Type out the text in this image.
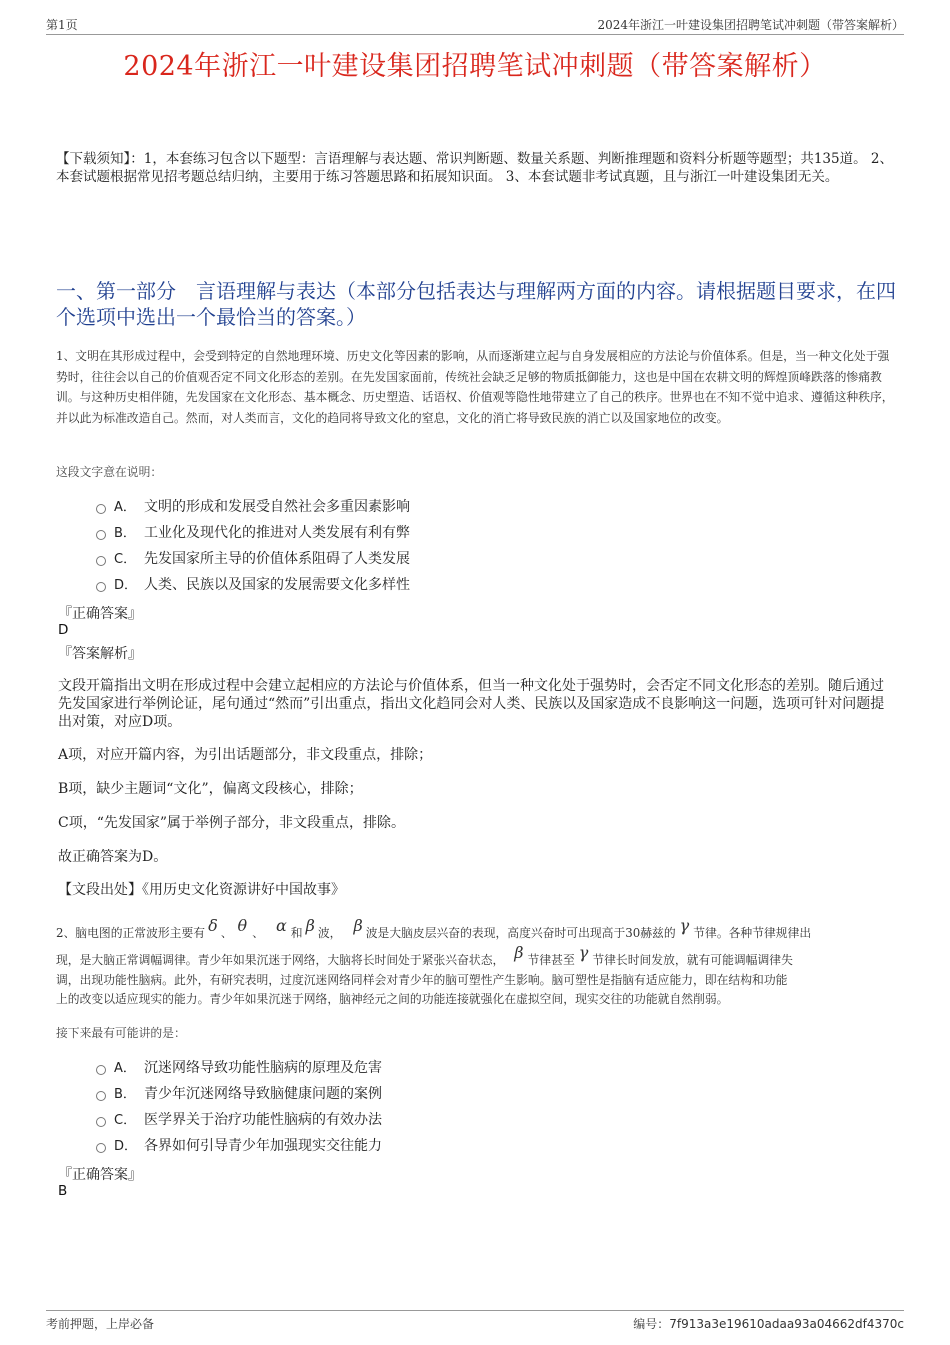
第1页	2024年浙江一叶建设集团招聘笔试冲刺题（带答案解析）
2024年浙江一叶建设集团招聘笔试冲刺题（带答案解析）
【下载须知】：1，本套练习包含以下题型：言语理解与表达题、常识判断题、数量关系题、判断推理题和资料分析题等题型；共135道。 2、本套试题根据常见招考题总结归纳，主要用于练习答题思路和拓展知识面。 3、本套试题非考试真题，且与浙江一叶建设集团无关。
一、第一部分　言语理解与表达（本部分包括表达与理解两方面的内容。请根据题目要求，在四个选项中选出一个最恰当的答案。）
1、文明在其形成过程中，会受到特定的自然地理环境、历史文化等因素的影响，从而逐渐建立起与自身发展相应的方法论与价值体系。但是，当一种文化处于强势时，往往会以自己的价值观否定不同文化形态的差别。在先发国家面前，传统社会缺乏足够的物质抵御能力，这也是中国在农耕文明的辉煌顶峰跌落的惨痛教训。与这种历史相伴随，先发国家在文化形态、基本概念、历史塑造、话语权、价值观等隐性地带建立了自己的秩序。世界也在不知不觉中追求、遵循这种秩序，并以此为标准改造自己。然而，对人类而言，文化的趋同将导致文化的窒息，文化的消亡将导致民族的消亡以及国家地位的改变。
这段文字意在说明：
A． 文明的形成和发展受自然社会多重因素影响
B． 工业化及现代化的推进对人类发展有利有弊
C． 先发国家所主导的价值体系阻碍了人类发展
D． 人类、民族以及国家的发展需要文化多样性
『正确答案』
D
『答案解析』
文段开篇指出文明在形成过程中会建立起相应的方法论与价值体系，但当一种文化处于强势时，会否定不同文化形态的差别。随后通过先发国家进行举例论证，尾句通过“然而”引出重点，指出文化趋同会对人类、民族以及国家造成不良影响这一问题，选项可针对问题提出对策，对应D项。
A项，对应开篇内容，为引出话题部分，非文段重点，排除；
B项，缺少主题词“文化”，偏离文段核心，排除；
C项，“先发国家”属于举例子部分，非文段重点，排除。
故正确答案为D。
【文段出处】《用历史文化资源讲好中国故事》
2、脑电图的正常波形主要有 δ 、 θ 、 α 和 β 波， β 波是大脑皮层兴奋的表现，高度兴奋时可出现高于30赫兹的 γ 节律。各种节律规律出
现，是大脑正常调幅调律。青少年如果沉迷于网络，大脑将长时间处于紧张兴奋状态， β 节律甚至 γ 节律长时间发放，就有可能调幅调律失
调，出现功能性脑病。此外，有研究表明，过度沉迷网络同样会对青少年的脑可塑性产生影响。脑可塑性是指脑有适应能力，即在结构和功能
上的改变以适应现实的能力。青少年如果沉迷于网络，脑神经元之间的功能连接就强化在虚拟空间，现实交往的功能就自然削弱。
接下来最有可能讲的是：
A． 沉迷网络导致功能性脑病的原理及危害
B． 青少年沉迷网络导致脑健康问题的案例
C． 医学界关于治疗功能性脑病的有效办法
D． 各界如何引导青少年加强现实交往能力
『正确答案』
B
考前押题，上岸必备	编号：7f913a3e19610adaa93a04662df4370c
